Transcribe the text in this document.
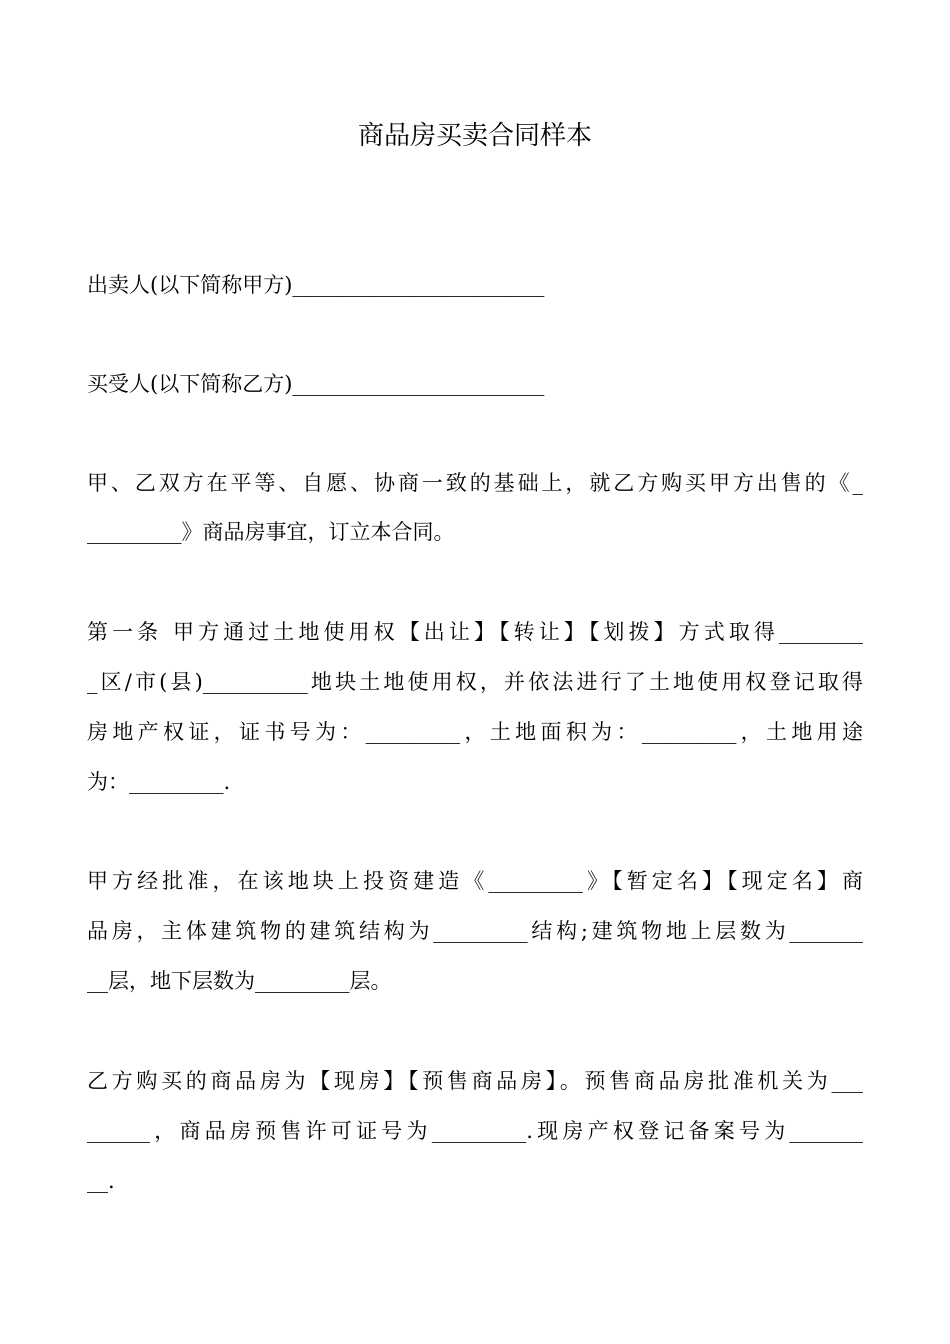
商品房买卖合同样本
出卖人(以下简称甲方)________________________
买受人(以下简称乙方)________________________
甲、乙双方在平等、自愿、协商一致的基础上，就乙方购买甲方出售的《_
_________》商品房事宜，订立本合同。
第一条 甲方通过土地使用权【出让】【转让】【划拨】方式取得________
_区/市(县)__________地块土地使用权，并依法进行了土地使用权登记取得
房地产权证，证书号为：_________，土地面积为：_________，土地用途
为：_________.
甲方经批准，在该地块上投资建造《_________》【暂定名】【现定名】商
品房，主体建筑物的建筑结构为_________结构;建筑物地上层数为_______
__层，地下层数为_________层。
乙方购买的商品房为【现房】【预售商品房】。预售商品房批准机关为___
______，商品房预售许可证号为_________.现房产权登记备案号为_______
__.
